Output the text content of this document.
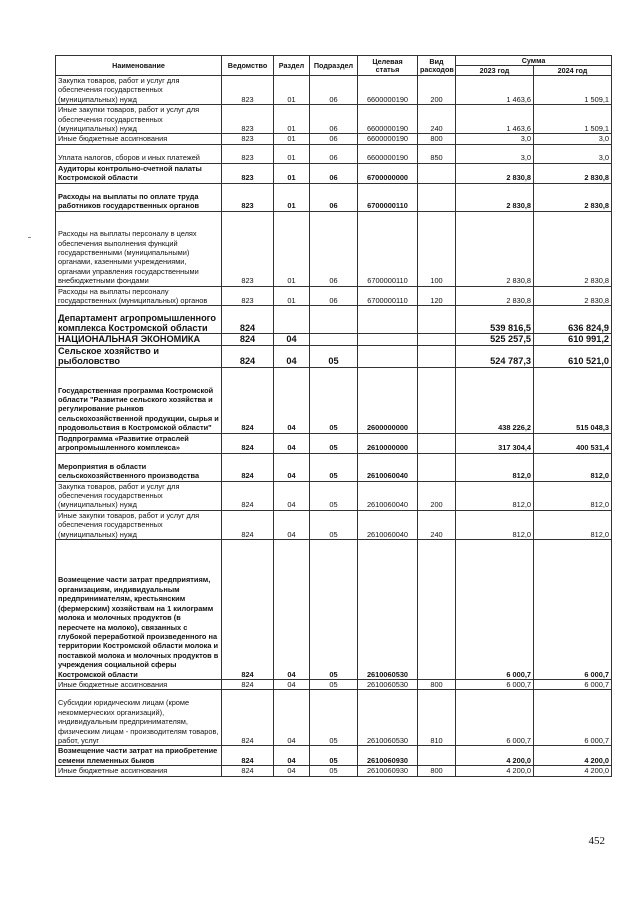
Наименование	Ведомство	Раздел	Подраздел	Целевая статья	Вид расходов	Сумма	
						2023 год	2024 год
Закупка товаров, работ и услуг для обеспечения государственных (муниципальных) нужд	823	01	06	6600000190	200	1 463,6	1 509,1
Иные закупки товаров, работ и услуг для обеспечения государственных (муниципальных) нужд	823	01	06	6600000190	240	1 463,6	1 509,1
Иные бюджетные ассигнования	823	01	06	6600000190	800	3,0	3,0
Уплата налогов, сборов и иных платежей	823	01	06	6600000190	850	3,0	3,0
Аудиторы контрольно-счетной палаты Костромской области	823	01	06	6700000000		2 830,8	2 830,8
Расходы на выплаты по оплате труда работников государственных органов	823	01	06	6700000110		2 830,8	2 830,8
Расходы на выплаты персоналу в целях обеспечения выполнения функций государственными (муниципальными) органами, казенными учреждениями, органами управления государственными внебюджетными фондами	823	01	06	6700000110	100	2 830,8	2 830,8
Расходы на выплаты персоналу государственных (муниципальных) органов	823	01	06	6700000110	120	2 830,8	2 830,8
Департамент агропромышленного комплекса Костромской области	824					539 816,5	636 824,9
НАЦИОНАЛЬНАЯ ЭКОНОМИКА	824	04				525 257,5	610 991,2
Сельское хозяйство и рыболовство	824	04	05			524 787,3	610 521,0
Государственная программа Костромской области "Развитие сельского хозяйства и регулирование рынков сельскохозяйственной продукции, сырья и продовольствия в Костромской области"	824	04	05	2600000000		438 226,2	515 048,3
Подпрограмма «Развитие отраслей агропромышленного комплекса»	824	04	05	2610000000		317 304,4	400 531,4
Мероприятия в области сельскохозяйственного производства	824	04	05	2610060040		812,0	812,0
Закупка товаров, работ и услуг для обеспечения государственных (муниципальных) нужд	824	04	05	2610060040	200	812,0	812,0
Иные закупки товаров, работ и услуг для обеспечения государственных (муниципальных) нужд	824	04	05	2610060040	240	812,0	812,0
Возмещение части затрат предприятиям, организациям, индивидуальным предпринимателям, крестьянским (фермерским) хозяйствам на 1 килограмм молока и молочных продуктов (в пересчете на молоко), связанных с глубокой переработкой произведенного на территории Костромской области молока и поставкой молока и молочных продуктов в учреждения социальной сферы Костромской области	824	04	05	2610060530		6 000,7	6 000,7
Иные бюджетные ассигнования	824	04	05	2610060530	800	6 000,7	6 000,7
Субсидии юридическим лицам (кроме некоммерческих организаций), индивидуальным предпринимателям, физическим лицам - производителям товаров, работ, услуг	824	04	05	2610060530	810	6 000,7	6 000,7
Возмещение части затрат на приобретение семени племенных быков	824	04	05	2610060930		4 200,0	4 200,0
Иные бюджетные ассигнования	824	04	05	2610060930	800	4 200,0	4 200,0
452
